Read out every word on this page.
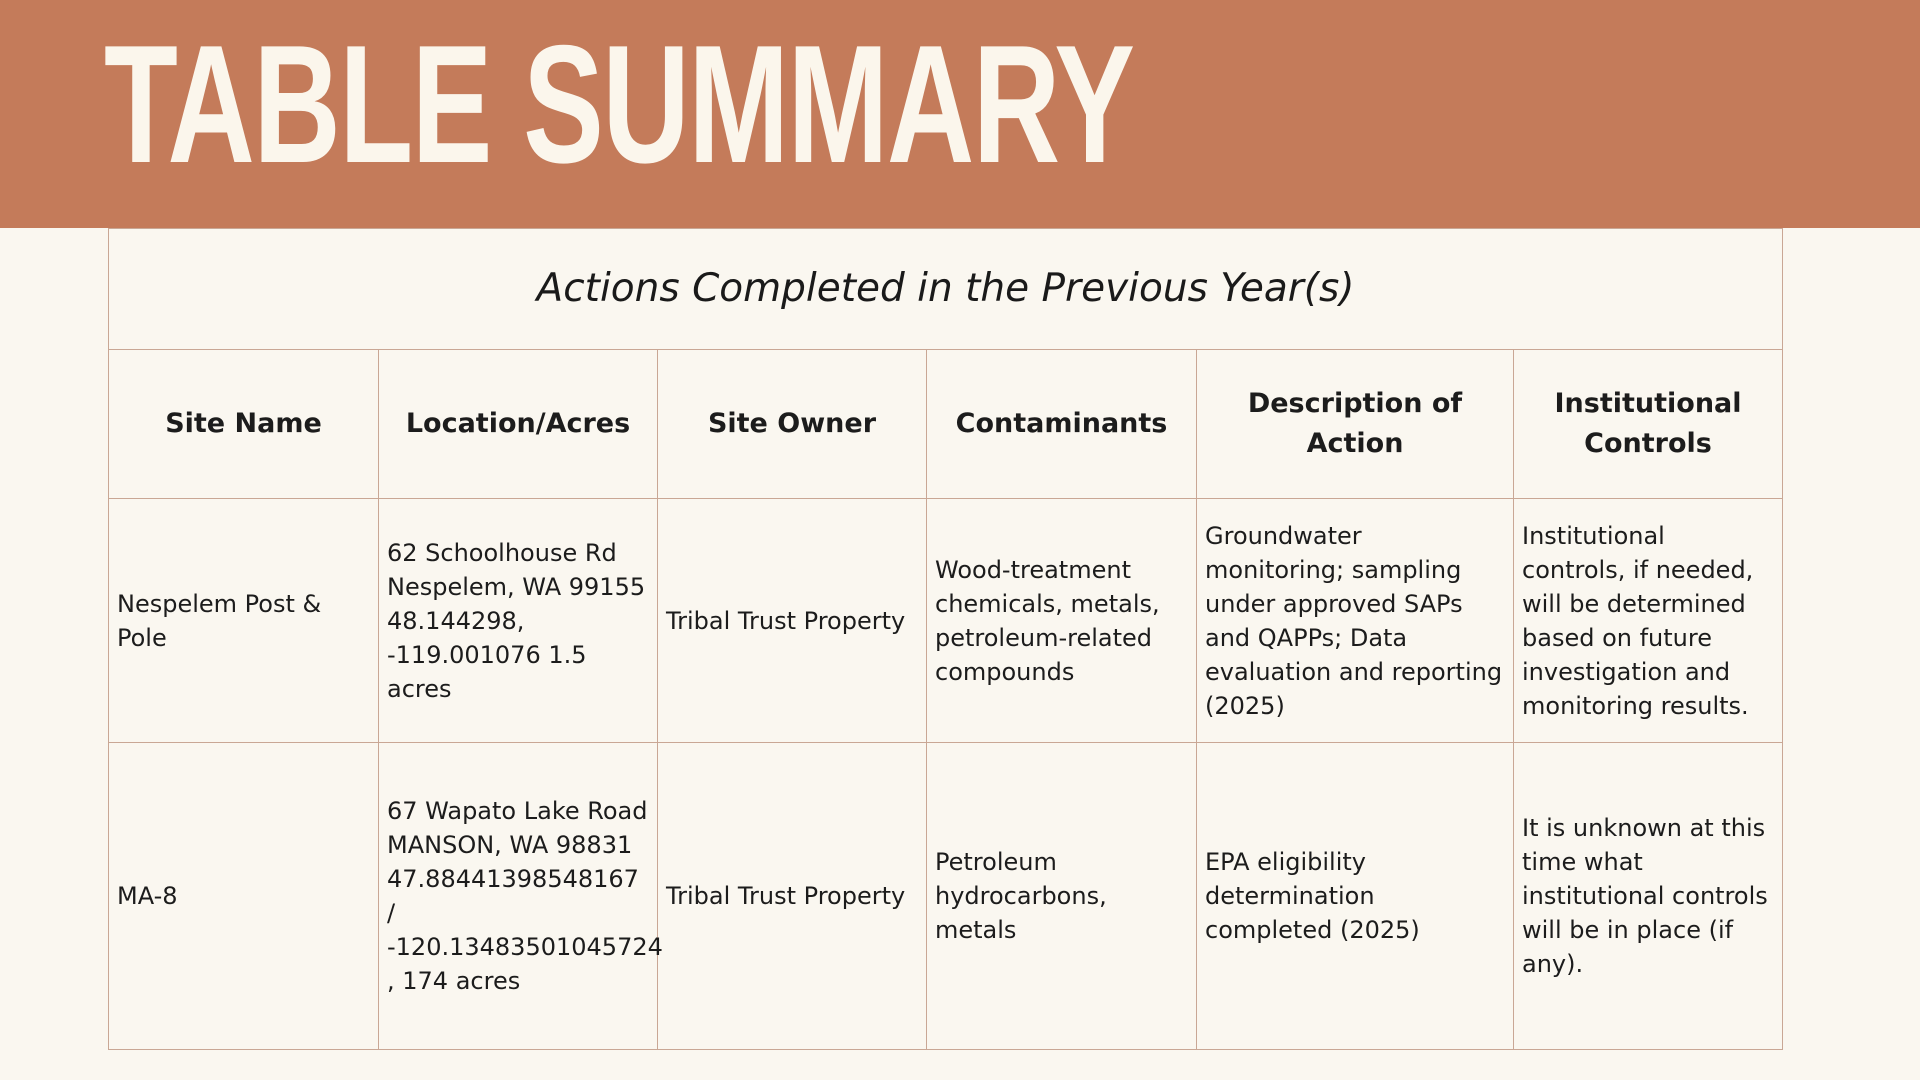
TABLE SUMMARY
Actions Completed in the Previous Year(s)					
Site Name	Location/Acres	Site Owner	Contaminants	Description of Action	Institutional Controls
Nespelem Post & Pole	62 Schoolhouse Rd Nespelem, WA 99155 48.144298, -119.001076 1.5 acres	Tribal Trust Property	Wood-treatment chemicals, metals, petroleum-related compounds	Groundwater monitoring; sampling under approved SAPs and QAPPs; Data evaluation and reporting (2025)	Institutional controls, if needed, will be determined based on future investigation and monitoring results.
MA-8	67 Wapato Lake Road MANSON, WA 98831 47.88441398548167 / -120.13483501045724 , 174 acres	Tribal Trust Property	Petroleum hydrocarbons, metals	EPA eligibility determination completed (2025)	It is unknown at this time what institutional controls will be in place (if any).
